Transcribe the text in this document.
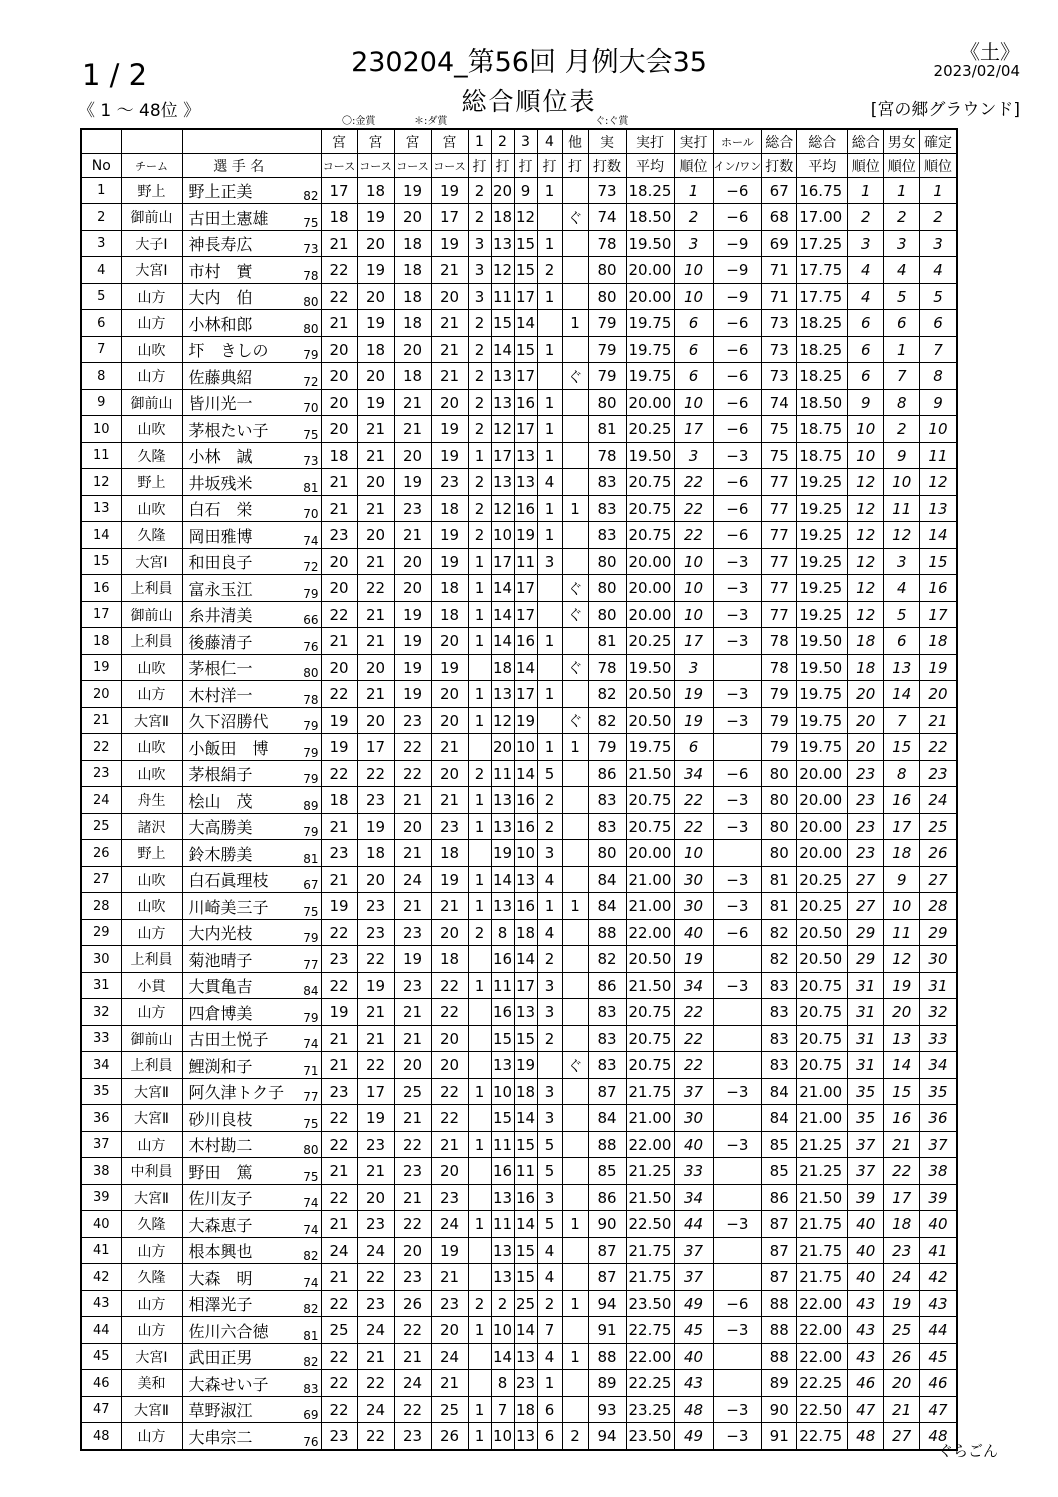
1 / 2
《 1 ～ 48位 》
230204_第56回 月例大会35
総合順位表
《土》
2023/02/04
[宮の郷グラウンド]
〇:金賞	＊:ダ賞	ぐ:ぐ賞
				宮	宮	宮	宮	1	2	3	4	他	実	実打	実打	ホール	総合	総合	総合	男女	確定
No	チーム	選 手 名		コース	コース	コース	コース	打	打	打	打	打	打数	平均	順位	イン/ワン	打数	平均	順位	順位	順位
1	野上	野上正美	82	17	18	19	19	2	20	9	1		73	18.25	1	−6	67	16.75	1	1	1
2	御前山	古田土憲雄	75	18	19	20	17	2	18	12		ぐ	74	18.50	2	−6	68	17.00	2	2	2
3	大子Ⅰ	神長寿広	73	21	20	18	19	3	13	15	1		78	19.50	3	−9	69	17.25	3	3	3
4	大宮Ⅰ	市村　實	78	22	19	18	21	3	12	15	2		80	20.00	10	−9	71	17.75	4	4	4
5	山方	大内　伯	80	22	20	18	20	3	11	17	1		80	20.00	10	−9	71	17.75	4	5	5
6	山方	小林和郎	80	21	19	18	21	2	15	14		1	79	19.75	6	−6	73	18.25	6	6	6
7	山吹	圷　きしの	79	20	18	20	21	2	14	15	1		79	19.75	6	−6	73	18.25	6	1	7
8	山方	佐藤典紹	72	20	20	18	21	2	13	17		ぐ	79	19.75	6	−6	73	18.25	6	7	8
9	御前山	皆川光一	70	20	19	21	20	2	13	16	1		80	20.00	10	−6	74	18.50	9	8	9
10	山吹	茅根たい子	75	20	21	21	19	2	12	17	1		81	20.25	17	−6	75	18.75	10	2	10
11	久隆	小林　誠	73	18	21	20	19	1	17	13	1		78	19.50	3	−3	75	18.75	10	9	11
12	野上	井坂残米	81	21	20	19	23	2	13	13	4		83	20.75	22	−6	77	19.25	12	10	12
13	山吹	白石　栄	70	21	21	23	18	2	12	16	1	1	83	20.75	22	−6	77	19.25	12	11	13
14	久隆	岡田雅博	74	23	20	21	19	2	10	19	1		83	20.75	22	−6	77	19.25	12	12	14
15	大宮Ⅰ	和田良子	72	20	21	20	19	1	17	11	3		80	20.00	10	−3	77	19.25	12	3	15
16	上利員	富永玉江	79	20	22	20	18	1	14	17		ぐ	80	20.00	10	−3	77	19.25	12	4	16
17	御前山	糸井清美	66	22	21	19	18	1	14	17		ぐ	80	20.00	10	−3	77	19.25	12	5	17
18	上利員	後藤清子	76	21	21	19	20	1	14	16	1		81	20.25	17	−3	78	19.50	18	6	18
19	山吹	茅根仁一	80	20	20	19	19		18	14		ぐ	78	19.50	3		78	19.50	18	13	19
20	山方	木村洋一	78	22	21	19	20	1	13	17	1		82	20.50	19	−3	79	19.75	20	14	20
21	大宮Ⅱ	久下沼勝代	79	19	20	23	20	1	12	19		ぐ	82	20.50	19	−3	79	19.75	20	7	21
22	山吹	小飯田　博	79	19	17	22	21		20	10	1	1	79	19.75	6		79	19.75	20	15	22
23	山吹	茅根絹子	79	22	22	22	20	2	11	14	5		86	21.50	34	−6	80	20.00	23	8	23
24	舟生	桧山　茂	89	18	23	21	21	1	13	16	2		83	20.75	22	−3	80	20.00	23	16	24
25	諸沢	大高勝美	79	21	19	20	23	1	13	16	2		83	20.75	22	−3	80	20.00	23	17	25
26	野上	鈴木勝美	81	23	18	21	18		19	10	3		80	20.00	10		80	20.00	23	18	26
27	山吹	白石眞理枝	67	21	20	24	19	1	14	13	4		84	21.00	30	−3	81	20.25	27	9	27
28	山吹	川崎美三子	75	19	23	21	21	1	13	16	1	1	84	21.00	30	−3	81	20.25	27	10	28
29	山方	大内光枝	79	22	23	23	20	2	8	18	4		88	22.00	40	−6	82	20.50	29	11	29
30	上利員	菊池晴子	77	23	22	19	18		16	14	2		82	20.50	19		82	20.50	29	12	30
31	小貫	大貫亀吉	84	22	19	23	22	1	11	17	3		86	21.50	34	−3	83	20.75	31	19	31
32	山方	四倉博美	79	19	21	21	22		16	13	3		83	20.75	22		83	20.75	31	20	32
33	御前山	古田土悦子	74	21	21	21	20		15	15	2		83	20.75	22		83	20.75	31	13	33
34	上利員	鯉渕和子	71	21	22	20	20		13	19		ぐ	83	20.75	22		83	20.75	31	14	34
35	大宮Ⅱ	阿久津トク子	77	23	17	25	22	1	10	18	3		87	21.75	37	−3	84	21.00	35	15	35
36	大宮Ⅱ	砂川良枝	75	22	19	21	22		15	14	3		84	21.00	30		84	21.00	35	16	36
37	山方	木村勘二	80	22	23	22	21	1	11	15	5		88	22.00	40	−3	85	21.25	37	21	37
38	中利員	野田　篤	75	21	21	23	20		16	11	5		85	21.25	33		85	21.25	37	22	38
39	大宮Ⅱ	佐川友子	74	22	20	21	23		13	16	3		86	21.50	34		86	21.50	39	17	39
40	久隆	大森恵子	74	21	23	22	24	1	11	14	5	1	90	22.50	44	−3	87	21.75	40	18	40
41	山方	根本興也	82	24	24	20	19		13	15	4		87	21.75	37		87	21.75	40	23	41
42	久隆	大森　明	74	21	22	23	21		13	15	4		87	21.75	37		87	21.75	40	24	42
43	山方	相澤光子	82	22	23	26	23	2	2	25	2	1	94	23.50	49	−6	88	22.00	43	19	43
44	山方	佐川六合徳	81	25	24	22	20	1	10	14	7		91	22.75	45	−3	88	22.00	43	25	44
45	大宮Ⅰ	武田正男	82	22	21	21	24		14	13	4	1	88	22.00	40		88	22.00	43	26	45
46	美和	大森せい子	83	22	22	24	21		8	23	1		89	22.25	43		89	22.25	46	20	46
47	大宮Ⅱ	草野淑江	69	22	24	22	25	1	7	18	6		93	23.25	48	−3	90	22.50	47	21	47
48	山方	大串宗二	76	23	22	23	26	1	10	13	6	2	94	23.50	49	−3	91	22.75	48	27	48
ぐらごん
